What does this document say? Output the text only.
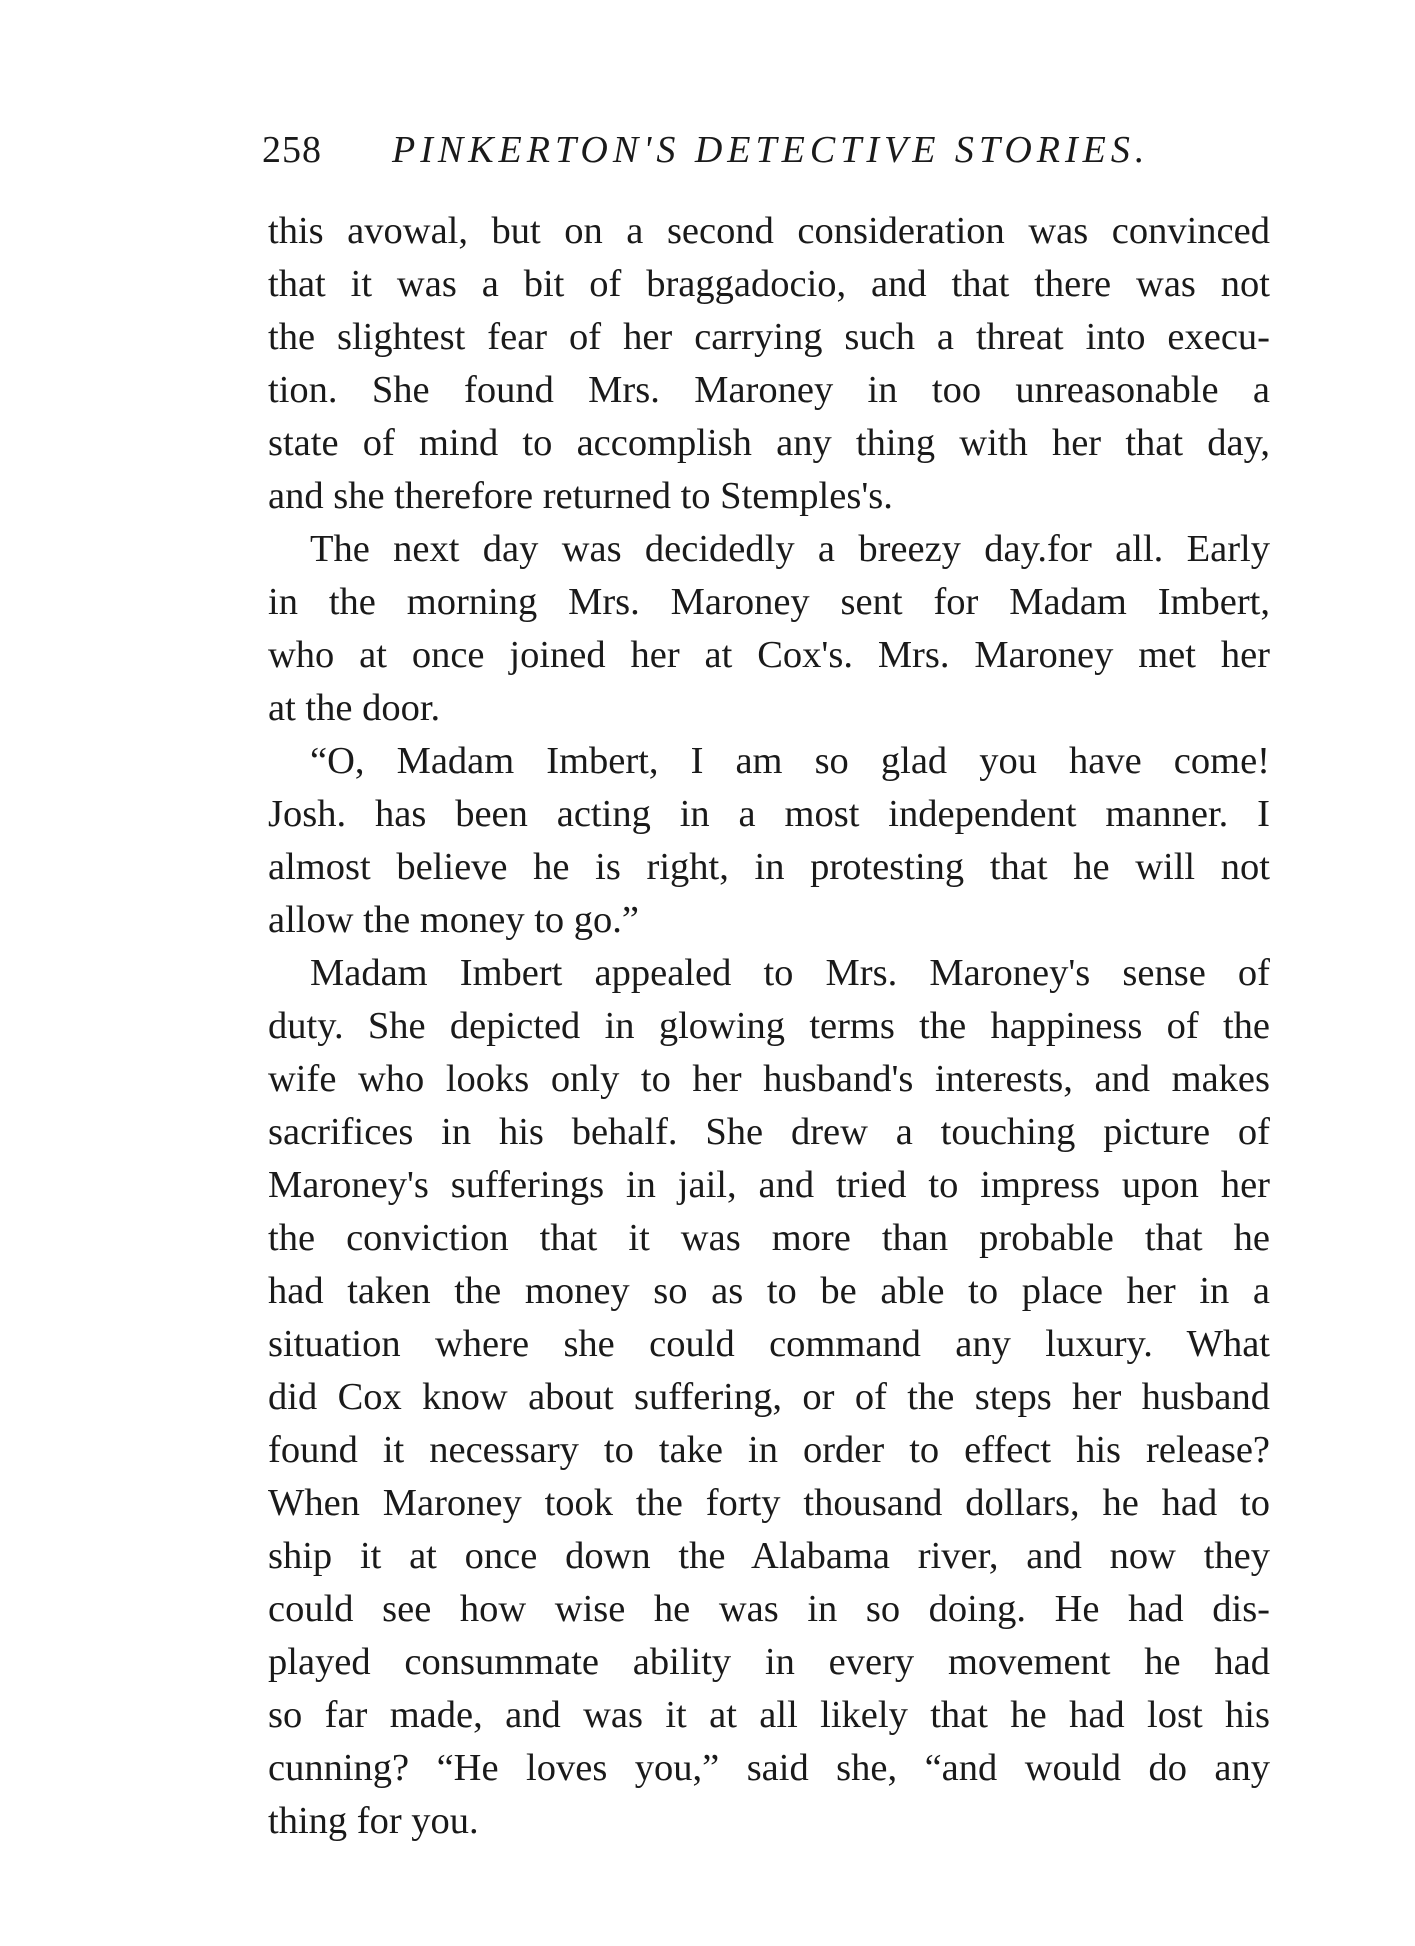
258 PINKERTON'S DETECTIVE STORIES.
this avowal, but on a second consideration was convinced
that it was a bit of braggadocio, and that there was not
the slightest fear of her carrying such a threat into execu-
tion. She found Mrs. Maroney in too unreasonable a
state of mind to accomplish any thing with her that day,
and she therefore returned to Stemples's.
The next day was decidedly a breezy day.for all. Early
in the morning Mrs. Maroney sent for Madam Imbert,
who at once joined her at Cox's. Mrs. Maroney met her
at the door.
“O, Madam Imbert, I am so glad you have come!
Josh. has been acting in a most independent manner. I
almost believe he is right, in protesting that he will not
allow the money to go.”
Madam Imbert appealed to Mrs. Maroney's sense of
duty. She depicted in glowing terms the happiness of the
wife who looks only to her husband's interests, and makes
sacrifices in his behalf. She drew a touching picture of
Maroney's sufferings in jail, and tried to impress upon her
the conviction that it was more than probable that he
had taken the money so as to be able to place her in a
situation where she could command any luxury. What
did Cox know about suffering, or of the steps her husband
found it necessary to take in order to effect his release?
When Maroney took the forty thousand dollars, he had to
ship it at once down the Alabama river, and now they
could see how wise he was in so doing. He had dis-
played consummate ability in every movement he had
so far made, and was it at all likely that he had lost his
cunning? “He loves you,” said she, “and would do any
thing for you.
